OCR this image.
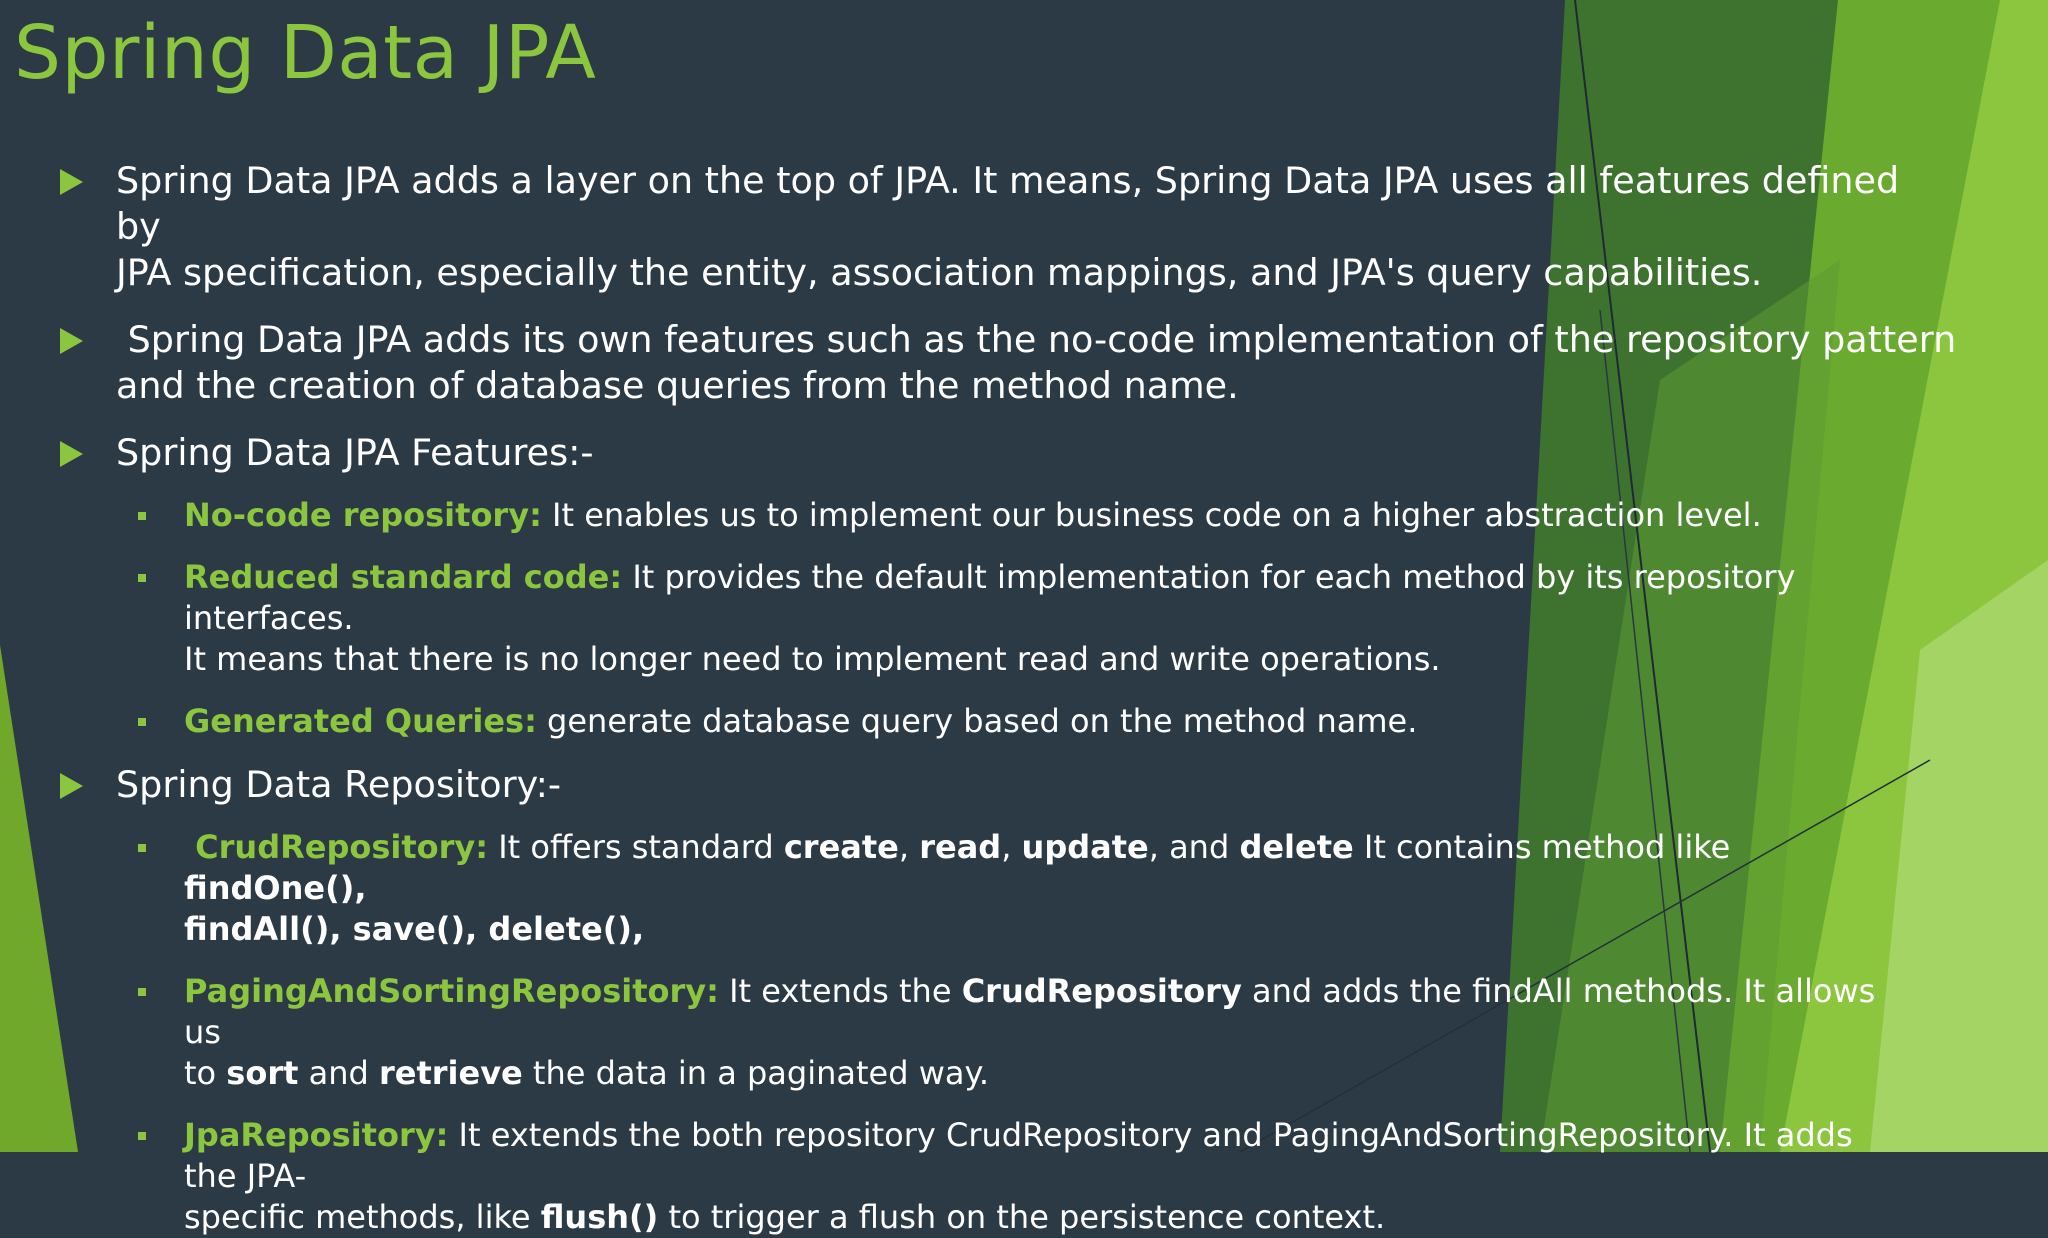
Spring Data JPA
Spring Data JPA adds a layer on the top of JPA. It means, Spring Data JPA uses all features defined by
JPA specification, especially the entity, association mappings, and JPA's query capabilities.
Spring Data JPA adds its own features such as the no-code implementation of the repository pattern
and the creation of database queries from the method name.
Spring Data JPA Features:-
No-code repository: It enables us to implement our business code on a higher abstraction level.
Reduced standard code: It provides the default implementation for each method by its repository interfaces.
It means that there is no longer need to implement read and write operations.
Generated Queries: generate database query based on the method name.
Spring Data Repository:-
CrudRepository: It offers standard create, read, update, and delete It contains method like findOne(),
findAll(), save(), delete(),
PagingAndSortingRepository: It extends the CrudRepository and adds the findAll methods. It allows us
to sort and retrieve the data in a paginated way.
JpaRepository: It extends the both repository CrudRepository and PagingAndSortingRepository. It adds the JPA-
specific methods, like flush() to trigger a flush on the persistence context.
